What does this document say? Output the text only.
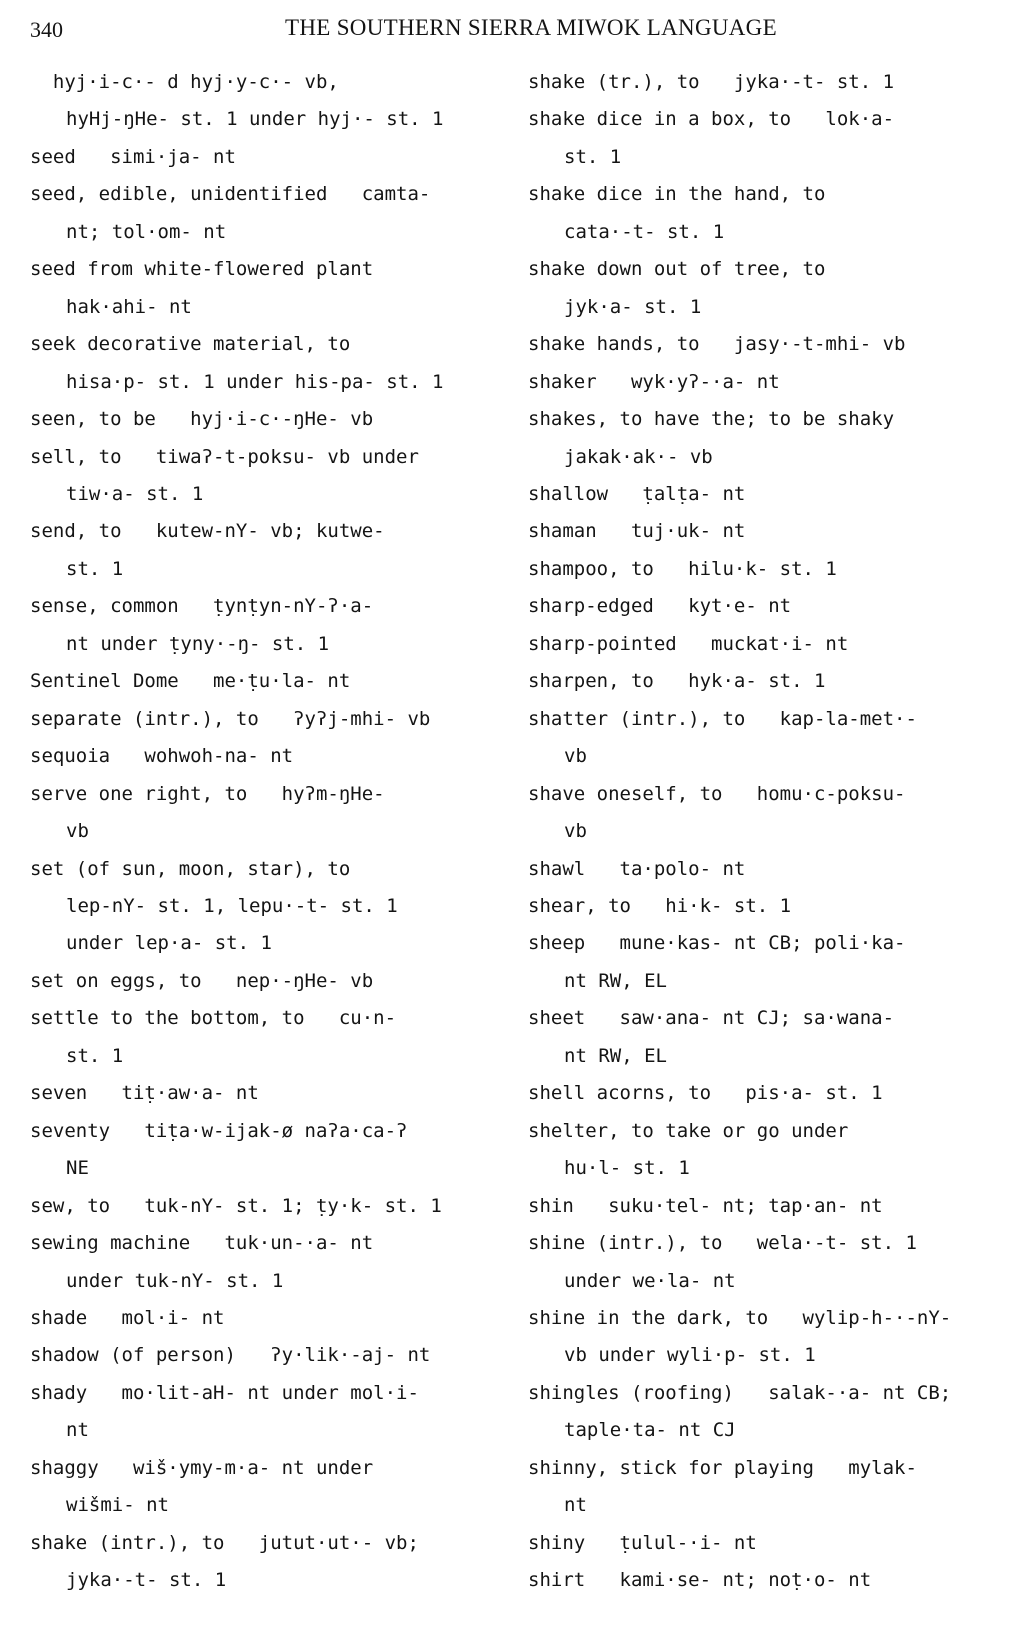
340	THE SOUTHERN SIERRA MIWOK LANGUAGE
hyj·i-c·- d hyj·y-c·- vb,
hyHj-ŋHe- st. 1 under hyj·- st. 1
seed   simi·ja- nt
seed, edible, unidentified   camta-
nt; tol·om- nt
seed from white-flowered plant
hak·ahi- nt
seek decorative material, to
hisa·p- st. 1 under his-pa- st. 1
seen, to be   hyj·i-c·-ŋHe- vb
sell, to   tiwaʔ-t-poksu- vb under
tiw·a- st. 1
send, to   kutew-nY- vb; kutwe-
st. 1
sense, common   ṭynṭyn-nY-ʔ·a-
nt under ṭyny·-ŋ- st. 1
Sentinel Dome   me·ṭu·la- nt
separate (intr.), to   ʔyʔj-mhi- vb
sequoia   wohwoh-na- nt
serve one right, to   hyʔm-ŋHe-
vb
set (of sun, moon, star), to
lep-nY- st. 1, lepu·-t- st. 1
under lep·a- st. 1
set on eggs, to   nep·-ŋHe- vb
settle to the bottom, to   cu·n-
st. 1
seven   tiṭ·aw·a- nt
seventy   tiṭa·w-ijak-ø naʔa·ca-ʔ
NE
sew, to   tuk-nY- st. 1; ṭy·k- st. 1
sewing machine   tuk·un-·a- nt
under tuk-nY- st. 1
shade   mol·i- nt
shadow (of person)   ʔy·lik·-aj- nt
shady   mo·lit-aH- nt under mol·i-
nt
shaggy   wiš·ymy-m·a- nt under
wišmi- nt
shake (intr.), to   jutut·ut·- vb;
jyka·-t- st. 1
shake (tr.), to   jyka·-t- st. 1
shake dice in a box, to   lok·a-
st. 1
shake dice in the hand, to
cata·-t- st. 1
shake down out of tree, to
jyk·a- st. 1
shake hands, to   jasy·-t-mhi- vb
shaker   wyk·yʔ-·a- nt
shakes, to have the; to be shaky
jakak·ak·- vb
shallow   ṭalṭa- nt
shaman   tuj·uk- nt
shampoo, to   hilu·k- st. 1
sharp-edged   kyt·e- nt
sharp-pointed   muckat·i- nt
sharpen, to   hyk·a- st. 1
shatter (intr.), to   kap-la-met·-
vb
shave oneself, to   homu·c-poksu-
vb
shawl   ta·polo- nt
shear, to   hi·k- st. 1
sheep   mune·kas- nt CB; poli·ka-
nt RW, EL
sheet   saw·ana- nt CJ; sa·wana-
nt RW, EL
shell acorns, to   pis·a- st. 1
shelter, to take or go under
hu·l- st. 1
shin   suku·tel- nt; tap·an- nt
shine (intr.), to   wela·-t- st. 1
under we·la- nt
shine in the dark, to   wylip-h-·-nY-
vb under wyli·p- st. 1
shingles (roofing)   salak-·a- nt CB;
taple·ta- nt CJ
shinny, stick for playing   mylak-
nt
shiny   ṭulul-·i- nt
shirt   kami·se- nt; noṭ·o- nt
